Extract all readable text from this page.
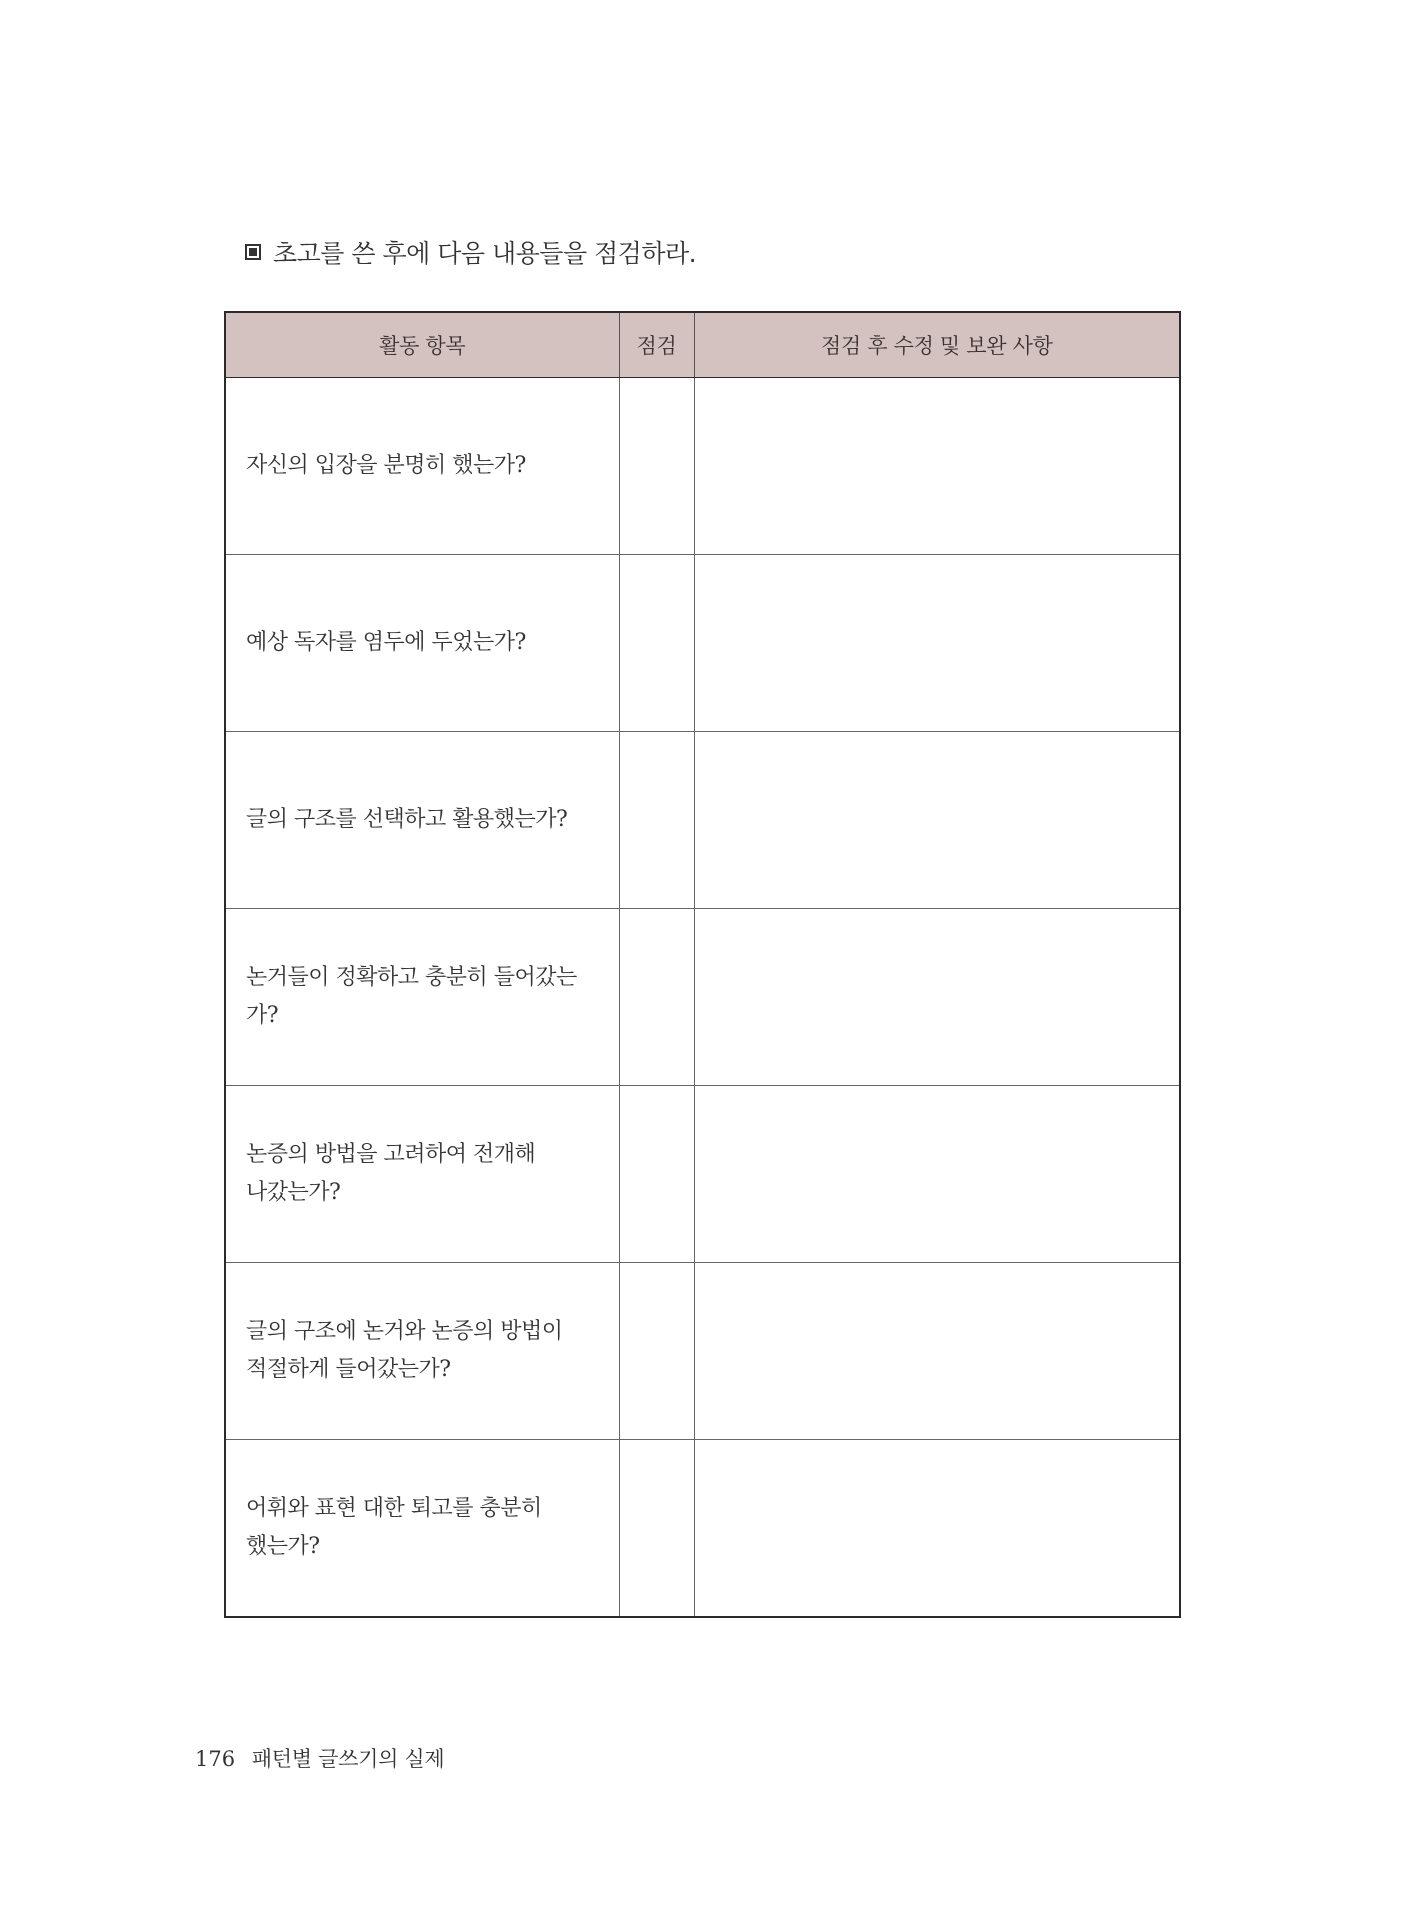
초고를 쓴 후에 다음 내용들을 점검하라.
활동 항목	점검	점검 후 수정 및 보완 사항
자신의 입장을 분명히 했는가?		
예상 독자를 염두에 두었는가?		
글의 구조를 선택하고 활용했는가?		
논거들이 정확하고 충분히 들어갔는가?		
논증의 방법을 고려하여 전개해
나갔는가?		
글의 구조에 논거와 논증의 방법이
적절하게 들어갔는가?		
어휘와 표현 대한 퇴고를 충분히
했는가?		
176 패턴별 글쓰기의 실제
